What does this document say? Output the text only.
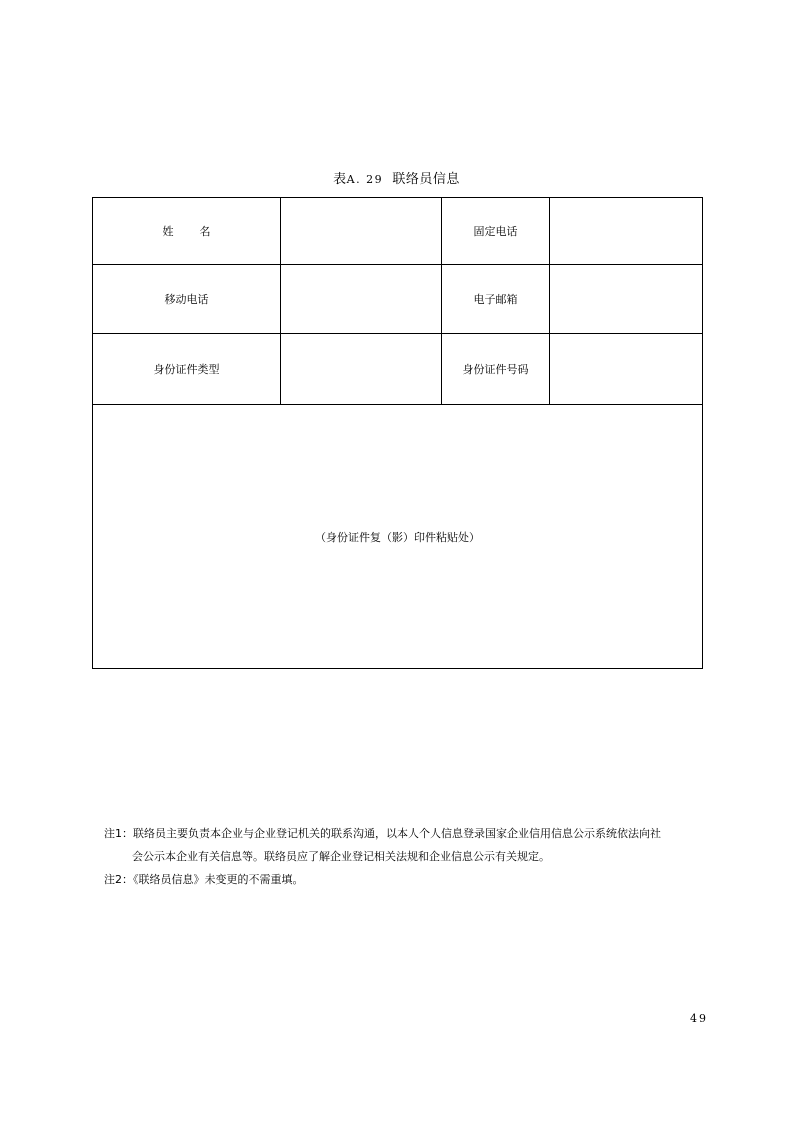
表A. 29 联络员信息
姓名		固定电话	
移动电话		电子邮箱	
身份证件类型		身份证件号码	
（身份证件复（影）印件粘贴处）			
注1：联络员主要负责本企业与企业登记机关的联系沟通，以本人个人信息登录国家企业信用信息公示系统依法向社
会公示本企业有关信息等。联络员应了解企业登记相关法规和企业信息公示有关规定。
注2：《联络员信息》未变更的不需重填。
49
